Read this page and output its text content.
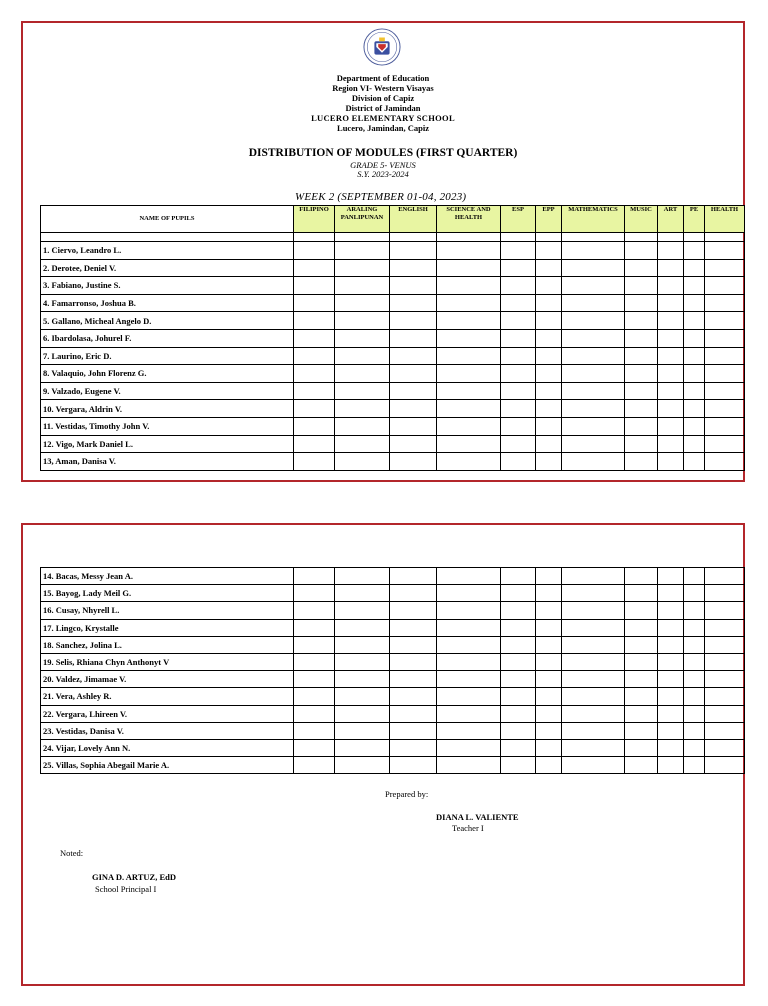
Department of Education
Region VI- Western Visayas
Division of Capiz
District of Jamindan
LUCERO ELEMENTARY SCHOOL
Lucero, Jamindan, Capiz
DISTRIBUTION OF MODULES (FIRST QUARTER)
GRADE 5- VENUS
S.Y. 2023-2024
WEEK 2 (SEPTEMBER 01-04, 2023)
NAME OF PUPILS	FILIPINO	ARALING PANLIPUNAN	ENGLISH	SCIENCE AND HEALTH	ESP	EPP	MATHEMATICS	MUSIC	ART	PE	HEALTH

1. Ciervo, Leandro L.											
2. Derotee, Deniel V.											
3. Fabiano, Justine S.											
4. Famarronso, Joshua B.											
5. Gallano, Micheal Angelo D.											
6. Ibardolasa, Johurel F.											
7. Laurino, Eric D.											
8. Valaquio, John Florenz G.											
9. Valzado, Eugene V.											
10. Vergara, Aldrin V.											
11. Vestidas, Timothy John V.											
12. Vigo, Mark Daniel L.											
13, Aman, Danisa V.											
14. Bacas, Messy Jean A.											
15. Bayog, Lady Meil G.											
16. Cusay, Nhyrell L.											
17. Lingco, Krystalle											
18. Sanchez, Jolina L.											
19. Selis, Rhiana Chyn Anthonyt V											
20. Valdez, Jimamae V.											
21. Vera, Ashley R.											
22. Vergara, Lhireen V.											
23. Vestidas, Danisa V.											
24. Vijar, Lovely Ann N.											
25. Villas, Sophia Abegail Marie A.											
Prepared by:
DIANA L. VALIENTE
Teacher I
Noted:
GINA D. ARTUZ, EdD
School Principal I
